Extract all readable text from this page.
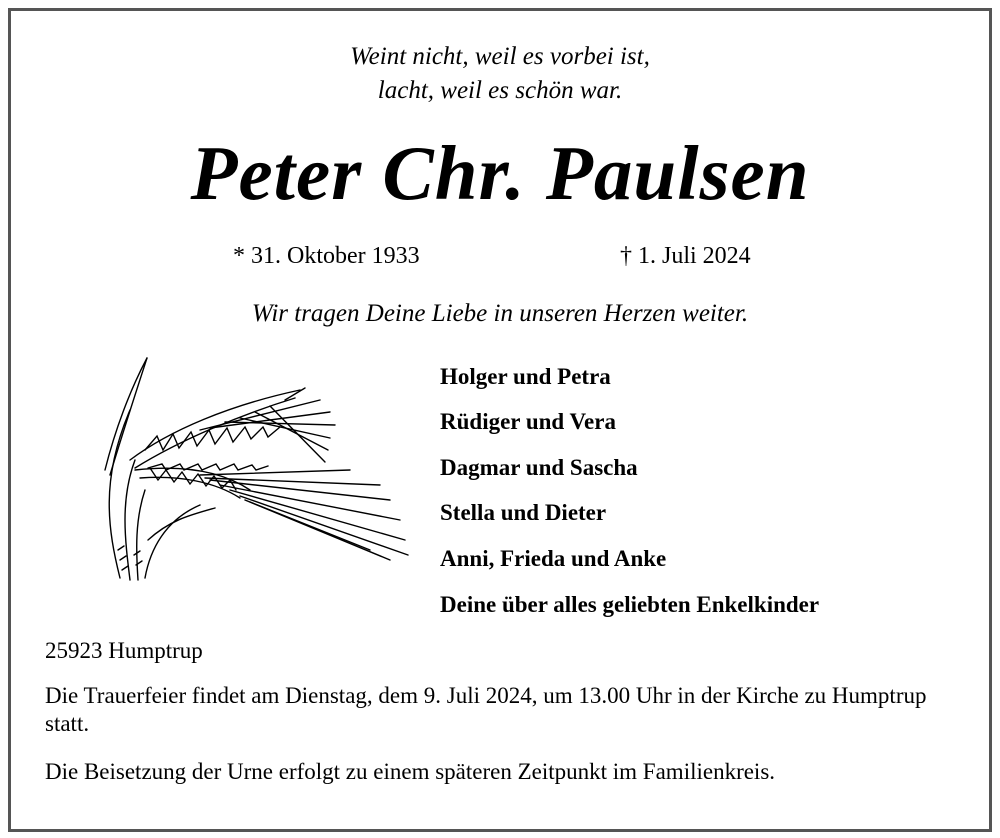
Weint nicht, weil es vorbei ist,
lacht, weil es schön war.
Peter Chr. Paulsen
* 31. Oktober 1933	† 1. Juli 2024
Wir tragen Deine Liebe in unseren Herzen weiter.
Holger und Petra
Rüdiger und Vera
Dagmar und Sascha
Stella und Dieter
Anni, Frieda und Anke
Deine über alles geliebten Enkelkinder
25923 Humptrup
Die Trauerfeier findet am Dienstag, dem 9. Juli 2024, um 13.00 Uhr in der Kirche zu Humptrup statt.
Die Beisetzung der Urne erfolgt zu einem späteren Zeitpunkt im Familienkreis.
